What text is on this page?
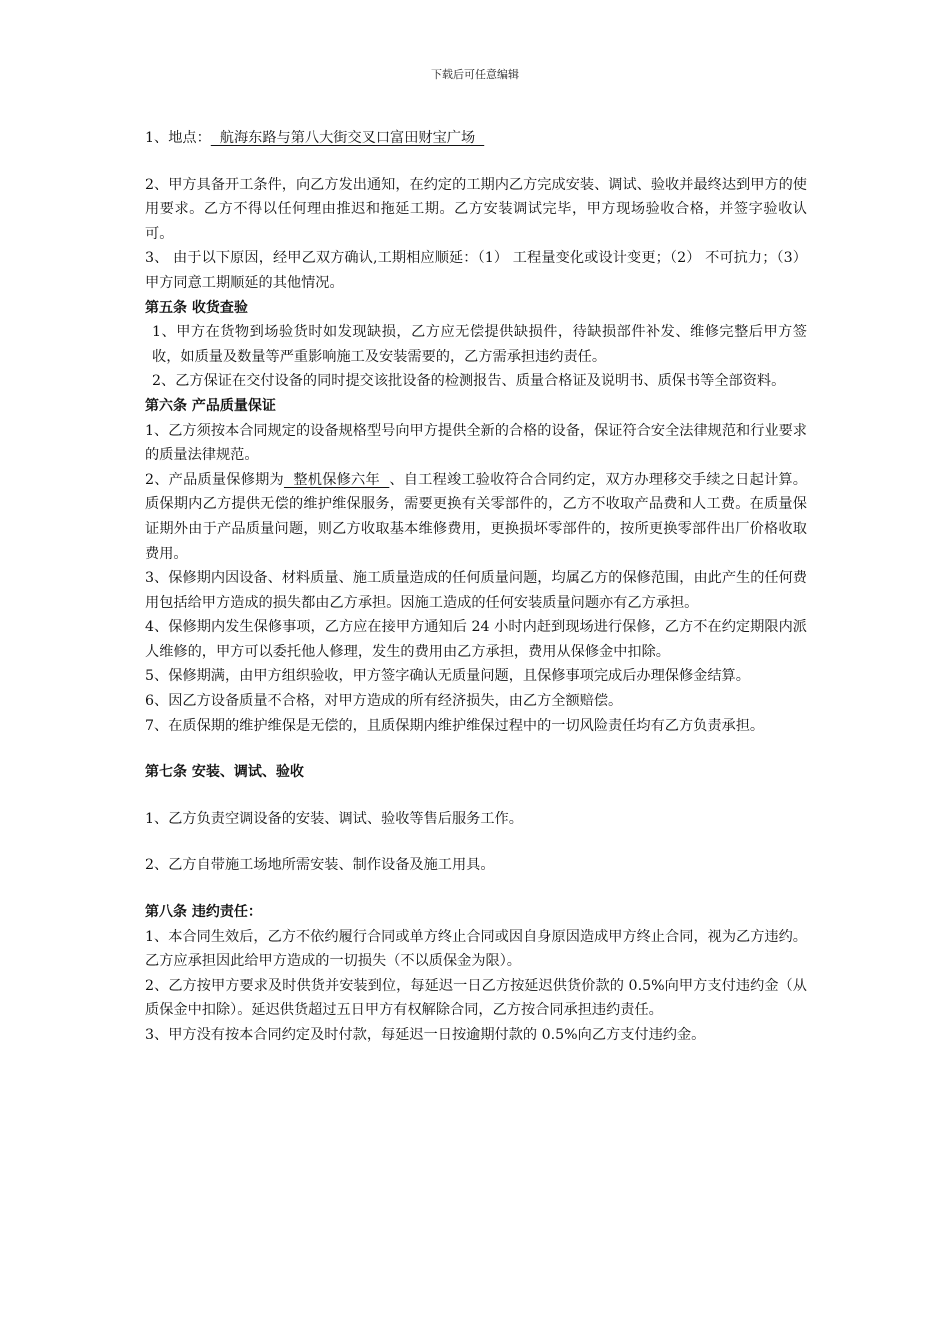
下载后可任意编辑

1、地点：  航海东路与第八大街交叉口富田财宝广场

2、甲方具备开工条件，向乙方发出通知，在约定的工期内乙方完成安装、调试、验收并最终达到甲方的使用要求。乙方不得以任何理由推迟和拖延工期。乙方安装调试完毕，甲方现场验收合格，并签字验收认可。

3、 由于以下原因，经甲乙双方确认,工期相应顺延：（1） 工程量变化或设计变更；（2） 不可抗力；（3） 甲方同意工期顺延的其他情况。

第五条 收货查验

1、甲方在货物到场验货时如发现缺损，乙方应无偿提供缺损件，待缺损部件补发、维修完整后甲方签收，如质量及数量等严重影响施工及安装需要的，乙方需承担违约责任。

2、乙方保证在交付设备的同时提交该批设备的检测报告、质量合格证及说明书、质保书等全部资料。

第六条 产品质量保证

1、乙方须按本合同规定的设备规格型号向甲方提供全新的合格的设备，保证符合安全法律规范和行业要求的质量法律规范。

2、产品质量保修期为  整机保修六年  、自工程竣工验收符合合同约定，双方办理移交手续之日起计算。质保期内乙方提供无偿的维护维保服务，需要更换有关零部件的，乙方不收取产品费和人工费。在质量保证期外由于产品质量问题，则乙方收取基本维修费用，更换损坏零部件的，按所更换零部件出厂价格收取费用。

3、保修期内因设备、材料质量、施工质量造成的任何质量问题，均属乙方的保修范围，由此产生的任何费用包括给甲方造成的损失都由乙方承担。因施工造成的任何安装质量问题亦有乙方承担。

4、保修期内发生保修事项，乙方应在接甲方通知后 24 小时内赶到现场进行保修，乙方不在约定期限内派人维修的，甲方可以委托他人修理，发生的费用由乙方承担，费用从保修金中扣除。

5、保修期满，由甲方组织验收，甲方签字确认无质量问题，且保修事项完成后办理保修金结算。

6、因乙方设备质量不合格，对甲方造成的所有经济损失，由乙方全额赔偿。

7、在质保期的维护维保是无偿的，且质保期内维护维保过程中的一切风险责任均有乙方负责承担。

第七条 安装、调试、验收

1、乙方负责空调设备的安装、调试、验收等售后服务工作。

2、乙方自带施工场地所需安装、制作设备及施工用具。

第八条 违约责任：

1、本合同生效后，乙方不依约履行合同或单方终止合同或因自身原因造成甲方终止合同，视为乙方违约。乙方应承担因此给甲方造成的一切损失（不以质保金为限）。

2、乙方按甲方要求及时供货并安装到位，每延迟一日乙方按延迟供货价款的 0.5%向甲方支付违约金（从质保金中扣除）。延迟供货超过五日甲方有权解除合同，乙方按合同承担违约责任。

3、甲方没有按本合同约定及时付款，每延迟一日按逾期付款的 0.5%向乙方支付违约金。
